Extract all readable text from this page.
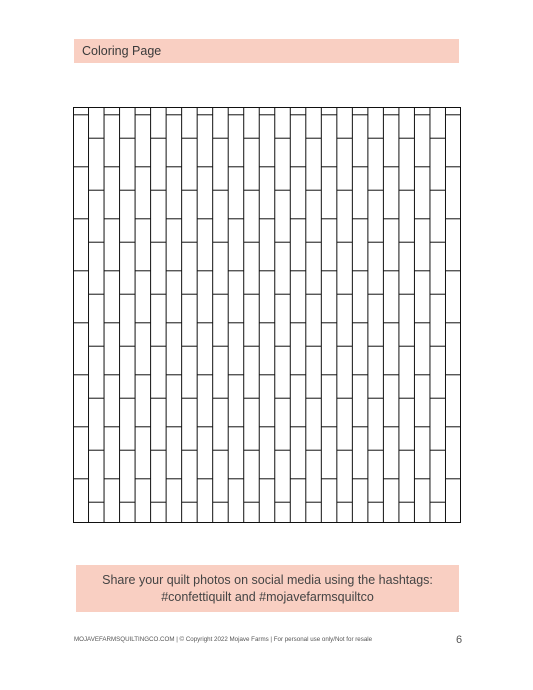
Coloring Page
Share your quilt photos on social media using the hashtags:
#confettiquilt and #mojavefarmsquiltco
MOJAVEFARMSQUILTINGCO.COM | © Copyright 2022 Mojave Farms | For personal use only/Not for resale	6
